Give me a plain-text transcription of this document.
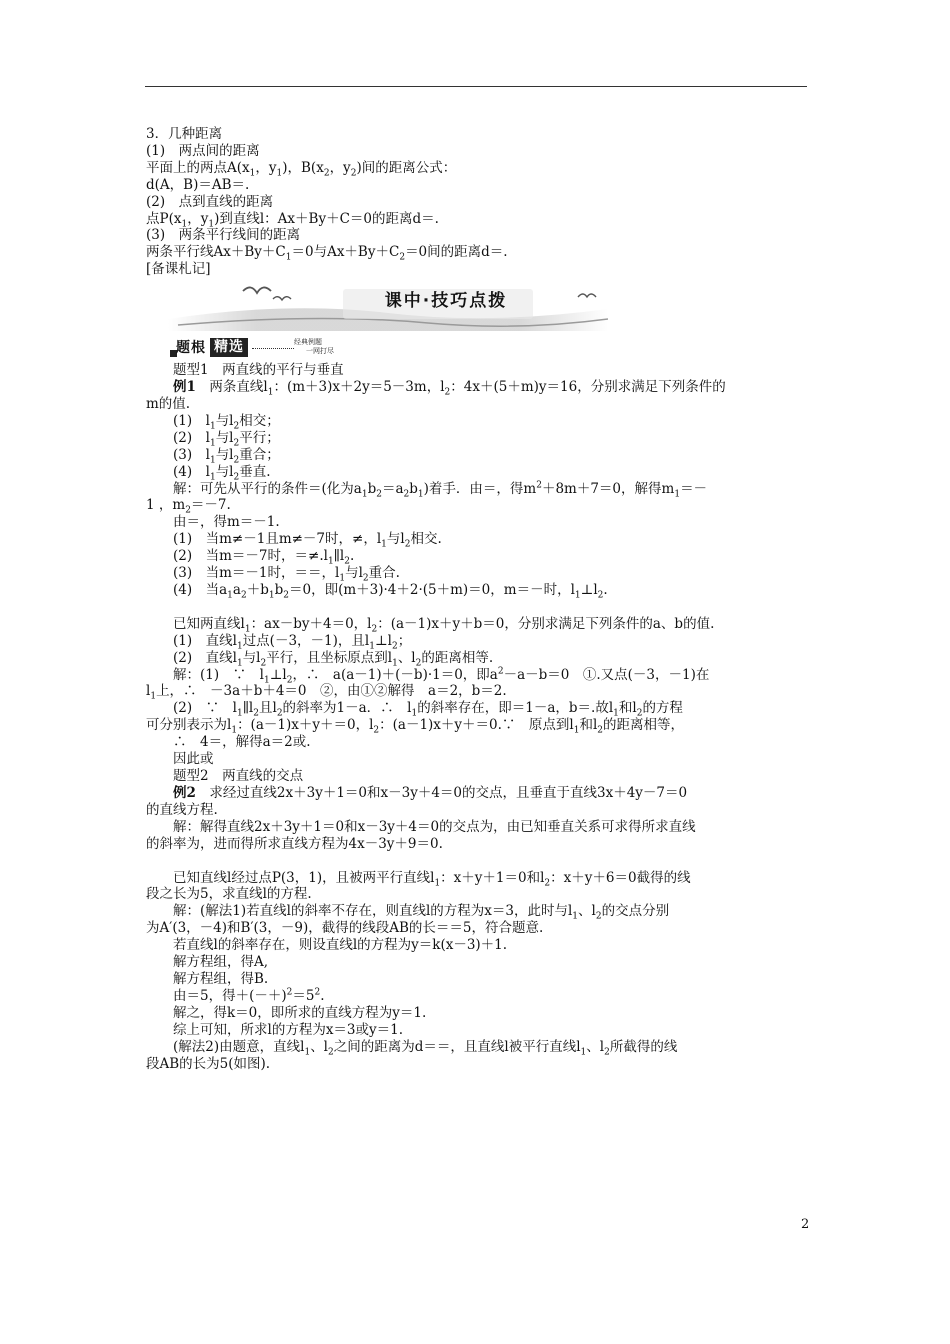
3．几种距离
(1)　两点间的距离
平面上的两点$A(x_1$，$y_1$)，$B(x_2$，$y_2$)间的距离公式：
d(A，B)＝AB＝.
(2)　点到直线的距离
点$P(x_1$，$y_1$)到直线l：Ax＋By＋C＝0的距离d＝.
(3)　两条平行线间的距离
两条平行线$Ax+By+C_1=0$与$Ax+By+C_2=0$间的距离d＝.
[备课札记]
课中·技巧点拨
题根 精选	经典例题
一网打尽
题型1　两直线的平行与垂直
例1　两条直线$l_1$：(m＋3)x＋2y＝5－3m，$l_2$：4x＋(5＋m)y＝16，分别求满足下列条件的
m的值.
(1)　$l_1$与$l_2$相交；
(2)　$l_1$与$l_2$平行；
(3)　$l_1$与$l_2$重合；
(4)　$l_1$与$l_2$垂直.
解：可先从平行的条件＝(化为$a_1b_2=a_2b_1$)着手．由＝，得$m^2+8m+7=0$，解得$m_1=-$
1 ，$m_2=-7$.
由＝，得m＝－1.
(1)　当m≠－1且m≠－7时，≠，$l_1$与$l_2$相交.
(2)　当m＝－7时，$=\ne.l_1\parallel l_2$.
(3)　当m＝－1时，＝＝，$l_1$与$l_2$重合.
(4)　当$a_1a_2+b_1b_2=0$，即(m＋3)·4＋2·(5＋m)＝0，m＝－时，$l_1\perp l_2$.
已知两直线$l_1$：ax－by＋4＝0，$l_2$：(a－1)x＋y＋b＝0，分别求满足下列条件的a、b的值.
(1)　直线$l_1$过点(－3，－1)，且$l_1\perp l_2$；
(2)　直线$l_1$与$l_2$平行，且坐标原点到$l_1$、$l_2$的距离相等.
解：(1)　∵　$l_1\perp l_2$，∴　a(a－1)＋(－b)·1＝0，即$a^2-a-b=0$　①.又点(－3，－1)在
$l_1$上，∴　－3a＋b＋4＝0　②，由①②解得　a＝2，b＝2.
(2)　∵　$l_1\parallel l_2$且$l_2$的斜率为1－a．∴　$l_1$的斜率存在，即＝1－a，b＝.故$l_1$和$l_2$的方程
可分别表示为$l_1$：(a－1)x＋y＋＝0，$l_2$：(a－1)x＋y＋＝0.∵　原点到$l_1$和$l_2$的距离相等，
∴　4＝，解得a＝2或.
因此或
题型2　两直线的交点
例2　求经过直线2x＋3y＋1＝0和x－3y＋4＝0的交点，且垂直于直线3x＋4y－7＝0
的直线方程.
解：解得直线2x＋3y＋1＝0和x－3y＋4＝0的交点为，由已知垂直关系可求得所求直线
的斜率为，进而得所求直线方程为4x－3y＋9＝0.
已知直线l经过点P(3，1)，且被两平行直线$l_1$：x＋y＋1＝0和$l_2$：x＋y＋6＝0截得的线
段之长为5，求直线l的方程.
解：(解法1)若直线l的斜率不存在，则直线l的方程为x＝3，此时与$l_1$、$l_2$的交点分别
为A′(3，－4)和B′(3，－9)，截得的线段AB的长＝＝5，符合题意.
若直线l的斜率存在，则设直线l的方程为y＝k(x－3)＋1.
解方程组，得A,
解方程组，得B.
由＝5，得$+(-+)^2=5^2$.
解之，得k＝0，即所求的直线方程为y＝1.
综上可知，所求l的方程为x＝3或y＝1.
(解法2)由题意，直线$l_1$、$l_2$之间的距离为d＝＝，且直线l被平行直线$l_1$、$l_2$所截得的线
段AB的长为5(如图).
2
